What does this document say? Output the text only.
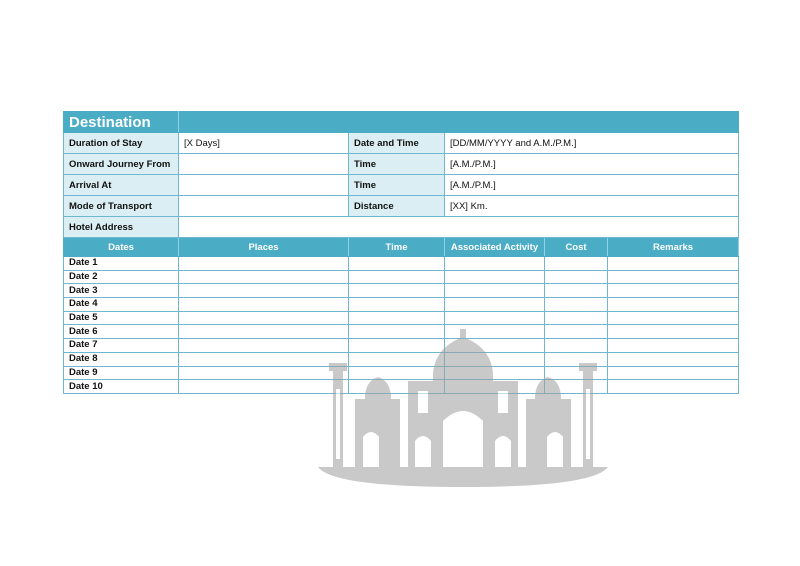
Destination					
Duration of Stay	[X Days]	Date and Time	[DD/MM/YYYY and A.M./P.M.]		
Onward Journey From		Time	[A.M./P.M.]		
Arrival At		Time	[A.M./P.M.]		
Mode of Transport		Distance	[XX] Km.		
Hotel Address					
Dates	Places	Time	Associated Activity	Cost	Remarks
Date 1					
Date 2					
Date 3					
Date 4					
Date 5					
Date 6					
Date 7					
Date 8					
Date 9					
Date 10					
